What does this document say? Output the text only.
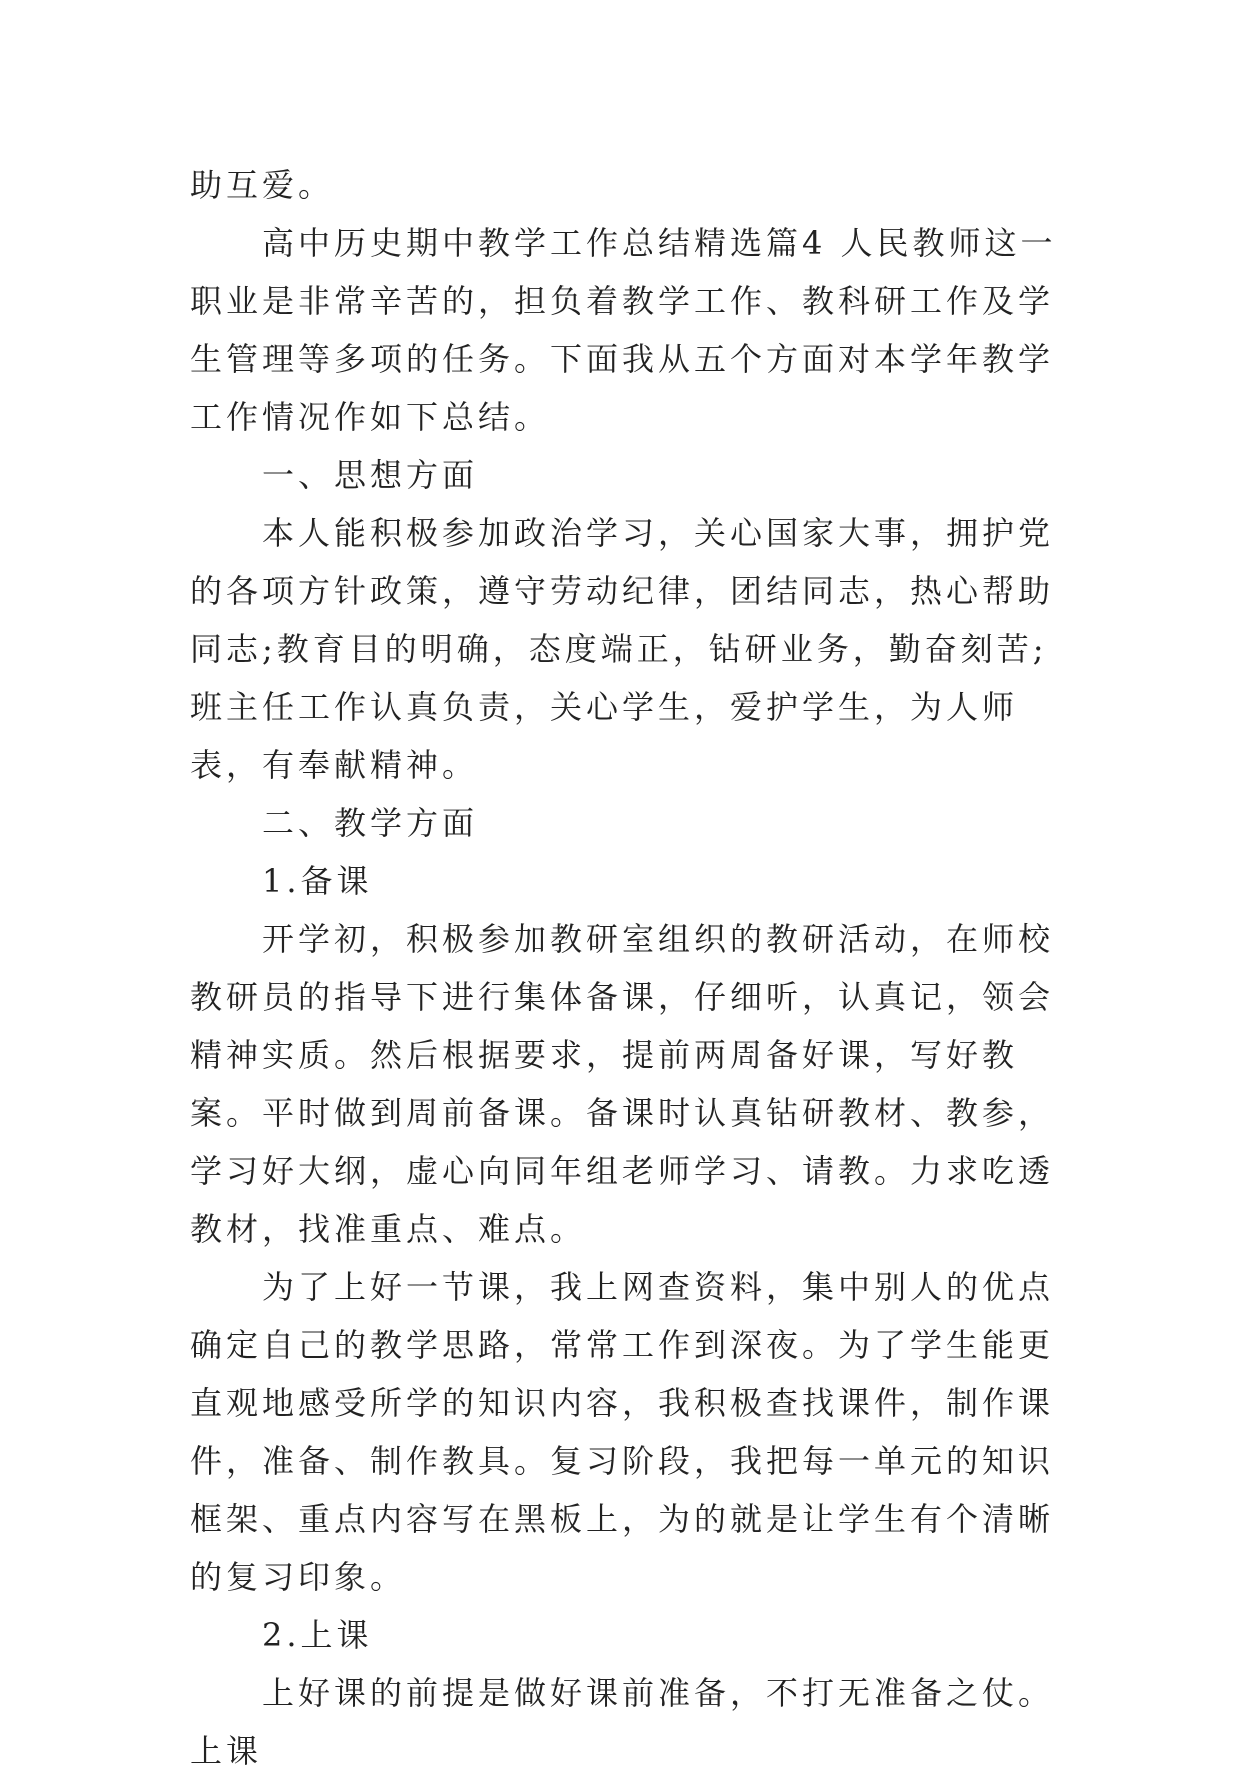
助互爱。

高中历史期中教学工作总结精选篇4 人民教师这一职业是非常辛苦的，担负着教学工作、教科研工作及学生管理等多项的任务。下面我从五个方面对本学年教学工作情况作如下总结。

一、思想方面

本人能积极参加政治学习，关心国家大事，拥护党的各项方针政策，遵守劳动纪律，团结同志，热心帮助同志;教育目的明确，态度端正，钻研业务，勤奋刻苦;班主任工作认真负责，关心学生，爱护学生，为人师表，有奉献精神。

二、教学方面

1.备课

开学初，积极参加教研室组织的教研活动，在师校教研员的指导下进行集体备课，仔细听，认真记，领会精神实质。然后根据要求，提前两周备好课，写好教案。平时做到周前备课。备课时认真钻研教材、教参，学习好大纲，虚心向同年组老师学习、请教。力求吃透教材，找准重点、难点。

为了上好一节课，我上网查资料，集中别人的优点确定自己的教学思路，常常工作到深夜。为了学生能更直观地感受所学的知识内容，我积极查找课件，制作课件，准备、制作教具。复习阶段，我把每一单元的知识框架、重点内容写在黑板上，为的就是让学生有个清晰的复习印象。

2.上课

上好课的前提是做好课前准备，不打无准备之仗。上课
